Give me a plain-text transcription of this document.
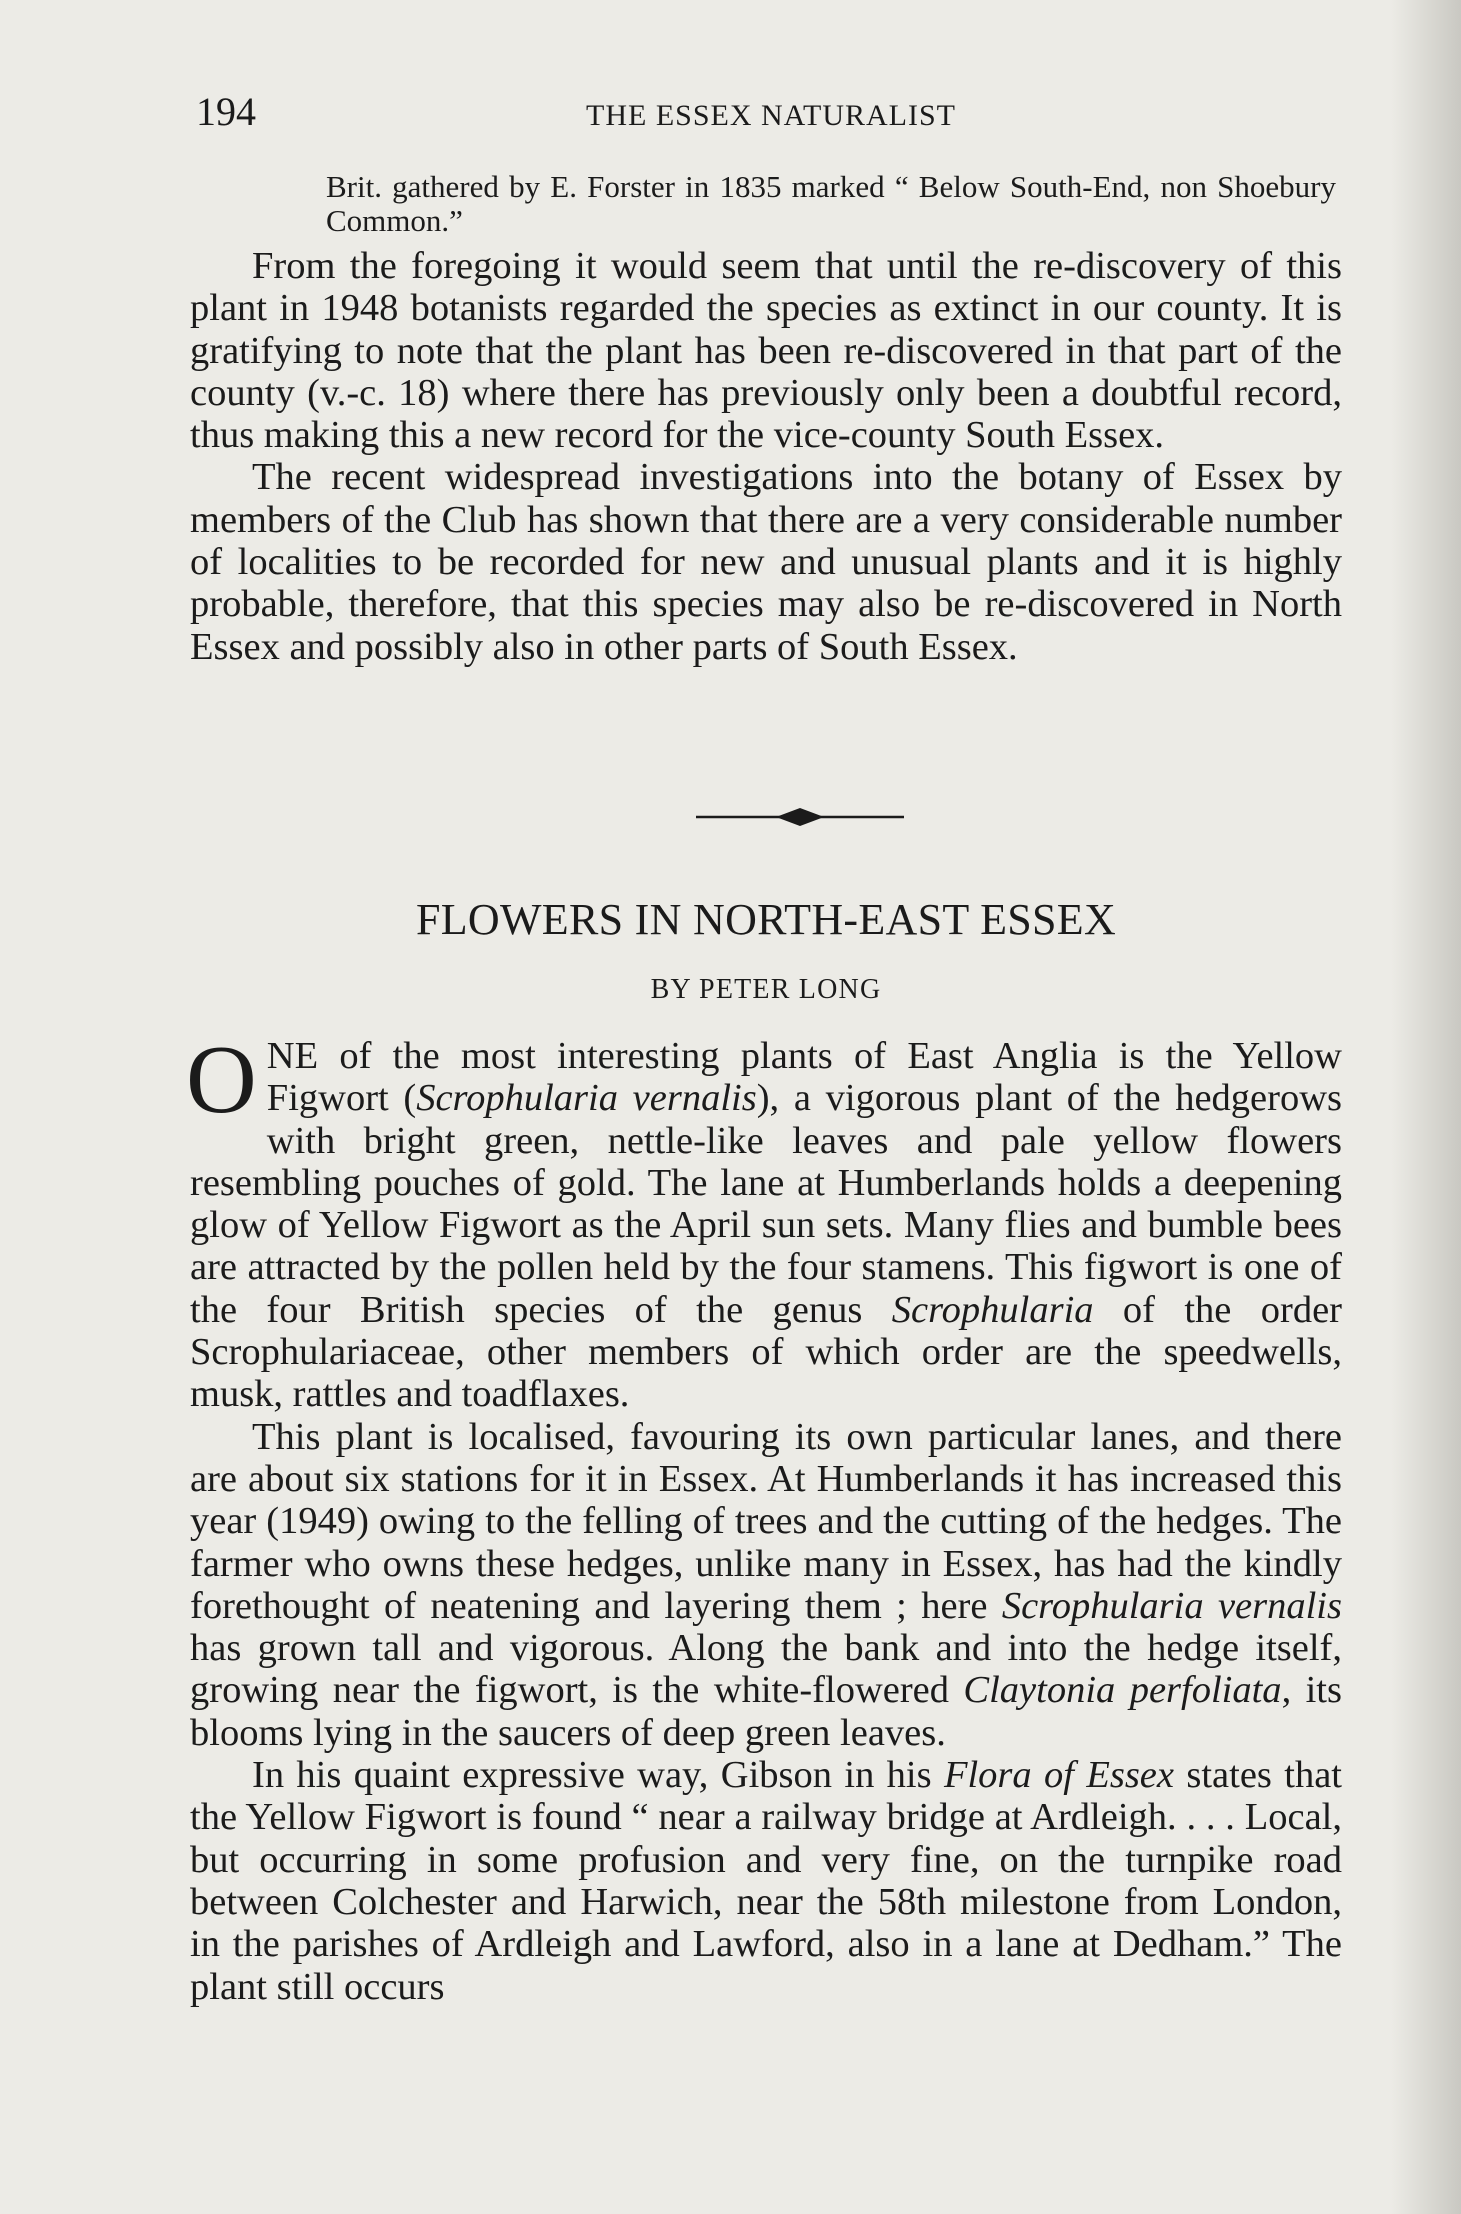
194	THE ESSEX NATURALIST
Brit. gathered by E. Forster in 1835 marked “ Below South-End, non Shoebury Common.”

From the foregoing it would seem that until the re-discovery of this plant in 1948 botanists regarded the species as extinct in our county. It is gratifying to note that the plant has been re-discovered in that part of the county (v.-c. 18) where there has previously only been a doubtful record, thus making this a new record for the vice-county South Essex.

The recent widespread investigations into the botany of Essex by members of the Club has shown that there are a very considerable number of localities to be recorded for new and unusual plants and it is highly probable, therefore, that this species may also be re-discovered in North Essex and possibly also in other parts of South Essex.

FLOWERS IN NORTH-EAST ESSEX
BY PETER LONG

ONE of the most interesting plants of East Anglia is the Yellow Figwort (Scrophularia vernalis), a vigorous plant of the hedgerows with bright green, nettle-like leaves and pale yellow flowers resembling pouches of gold. The lane at Humberlands holds a deepening glow of Yellow Figwort as the April sun sets. Many flies and bumble bees are attracted by the pollen held by the four stamens. This figwort is one of the four British species of the genus Scrophularia of the order Scrophulariaceae, other members of which order are the speedwells, musk, rattles and toadflaxes.

This plant is localised, favouring its own particular lanes, and there are about six stations for it in Essex. At Humberlands it has increased this year (1949) owing to the felling of trees and the cutting of the hedges. The farmer who owns these hedges, unlike many in Essex, has had the kindly forethought of neatening and layering them ; here Scrophularia vernalis has grown tall and vigorous. Along the bank and into the hedge itself, growing near the figwort, is the white-flowered Claytonia perfoliata, its blooms lying in the saucers of deep green leaves.

In his quaint expressive way, Gibson in his Flora of Essex states that the Yellow Figwort is found “ near a railway bridge at Ardleigh. . . . Local, but occurring in some profusion and very fine, on the turnpike road between Colchester and Harwich, near the 58th milestone from London, in the parishes of Ardleigh and Lawford, also in a lane at Dedham.” The plant still occurs
